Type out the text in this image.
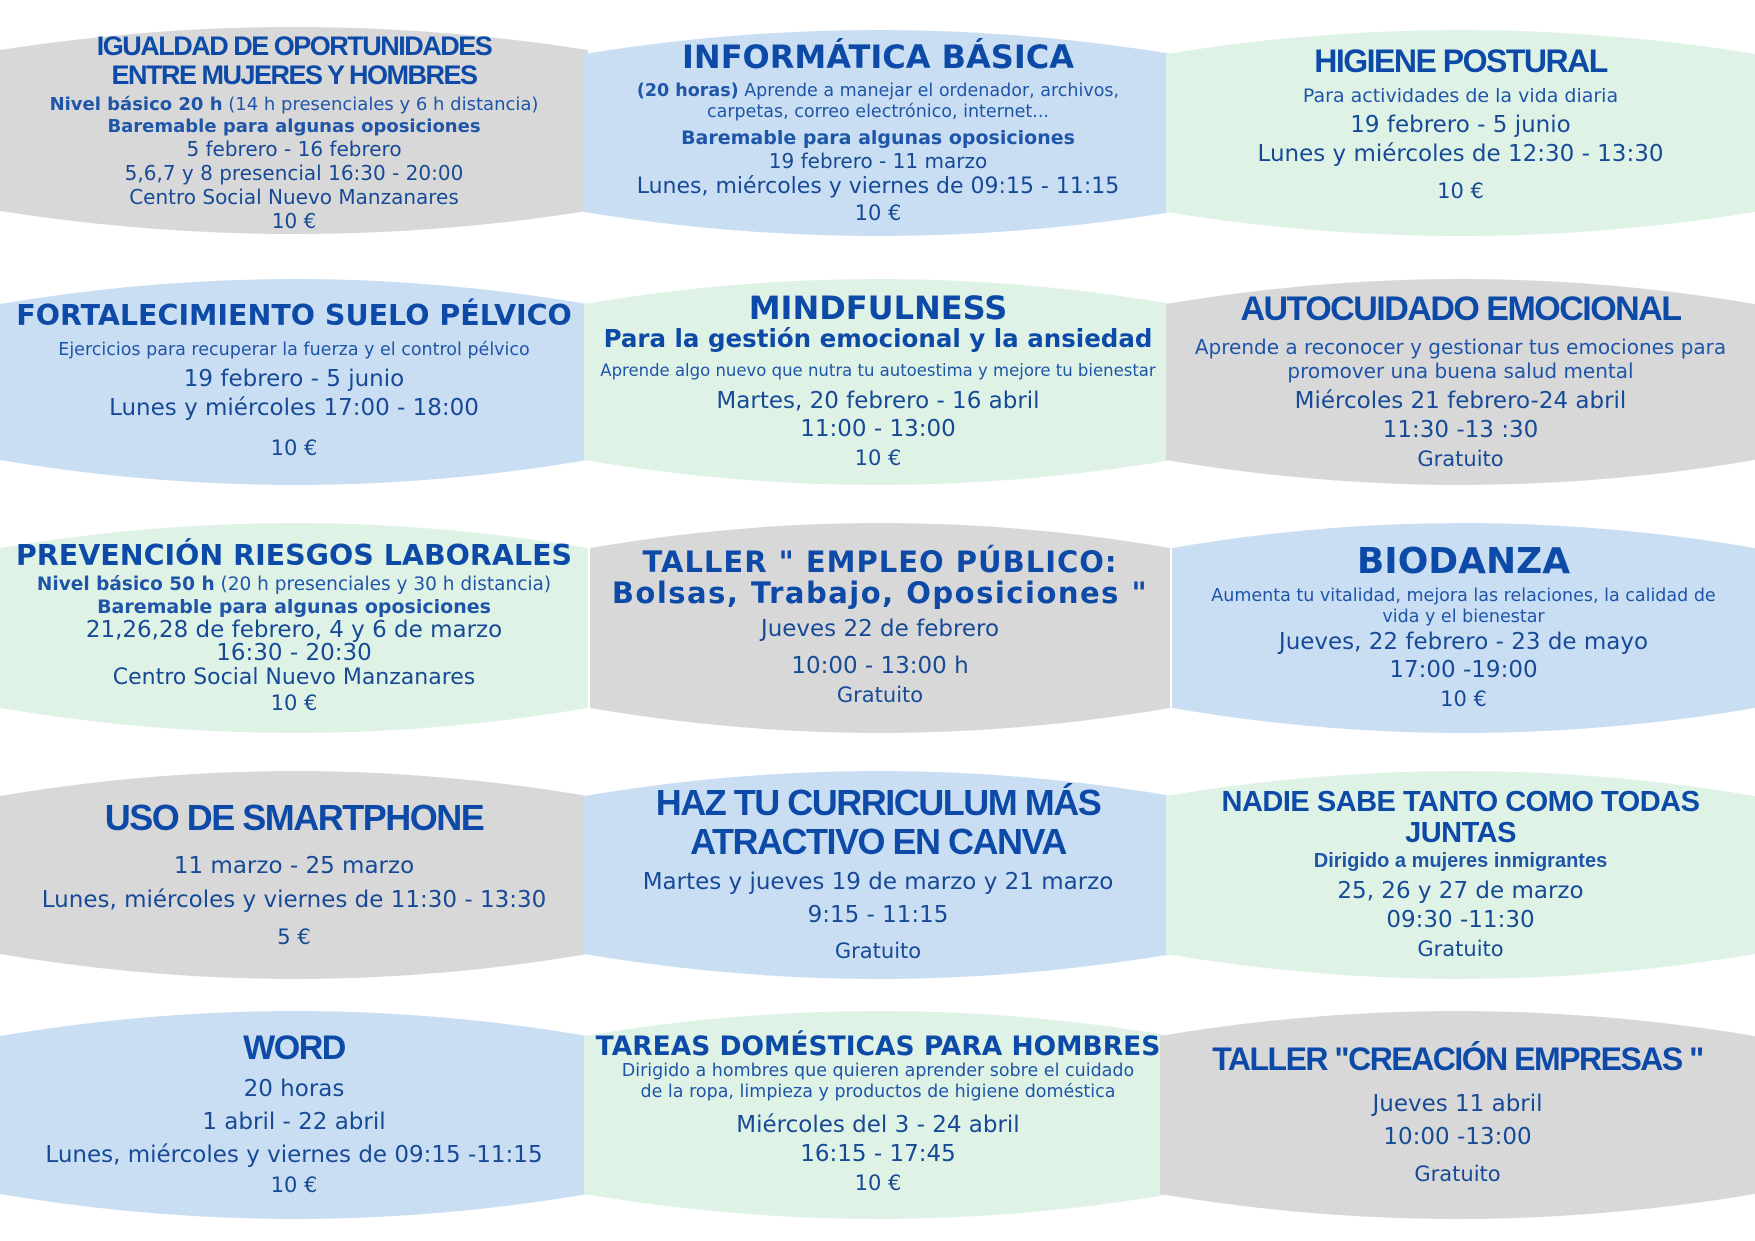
IGUALDAD DE OPORTUNIDADES
ENTRE MUJERES Y HOMBRES
Nivel básico 20 h (14 h presenciales y 6 h distancia)
Baremable para algunas oposiciones
5 febrero - 16 febrero
5,6,7 y 8 presencial 16:30 - 20:00
Centro Social Nuevo Manzanares
10 €
INFORMÁTICA BÁSICA
(20 horas) Aprende a manejar el ordenador, archivos, carpetas, correo electrónico, internet...
Baremable para algunas oposiciones
19 febrero - 11 marzo
Lunes, miércoles y viernes de 09:15 - 11:15
10 €
HIGIENE POSTURAL
Para actividades de la vida diaria
19 febrero - 5 junio
Lunes y miércoles de 12:30 - 13:30
10 €
FORTALECIMIENTO SUELO PÉLVICO
Ejercicios para recuperar la fuerza y el control pélvico
19 febrero - 5 junio
Lunes y miércoles 17:00 - 18:00
10 €
MINDFULNESS
Para la gestión emocional y la ansiedad
Aprende algo nuevo que nutra tu autoestima y mejore tu bienestar
Martes, 20 febrero - 16 abril
11:00 - 13:00
10 €
AUTOCUIDADO EMOCIONAL
Aprende a reconocer y gestionar tus emociones para promover una buena salud mental
Miércoles 21 febrero-24 abril
11:30 -13 :30
Gratuito
PREVENCIÓN RIESGOS LABORALES
Nivel básico 50 h (20 h presenciales y 30 h distancia)
Baremable para algunas oposiciones
21,26,28 de febrero, 4 y 6 de marzo
16:30 - 20:30
Centro Social Nuevo Manzanares
10 €
TALLER " EMPLEO PÚBLICO:
Bolsas, Trabajo, Oposiciones "
Jueves 22 de febrero
10:00 - 13:00 h
Gratuito
BIODANZA
Aumenta tu vitalidad, mejora las relaciones, la calidad de vida y el bienestar
Jueves, 22 febrero - 23 de mayo
17:00 -19:00
10 €
USO DE SMARTPHONE
11 marzo - 25 marzo
Lunes, miércoles y viernes de 11:30 - 13:30
5 €
HAZ TU CURRICULUM MÁS
ATRACTIVO EN CANVA
Martes y jueves 19 de marzo y 21 marzo
9:15 - 11:15
Gratuito
NADIE SABE TANTO COMO TODAS
JUNTAS
Dirigido a mujeres inmigrantes
25, 26 y 27 de marzo
09:30 -11:30
Gratuito
WORD
20 horas
1 abril - 22 abril
Lunes, miércoles y viernes de 09:15 -11:15
10 €
TAREAS DOMÉSTICAS PARA HOMBRES
Dirigido a hombres que quieren aprender sobre el cuidado de la ropa, limpieza y productos de higiene doméstica
Miércoles del 3 - 24 abril
16:15 - 17:45
10 €
TALLER "CREACIÓN EMPRESAS "
Jueves 11 abril
10:00 -13:00
Gratuito
